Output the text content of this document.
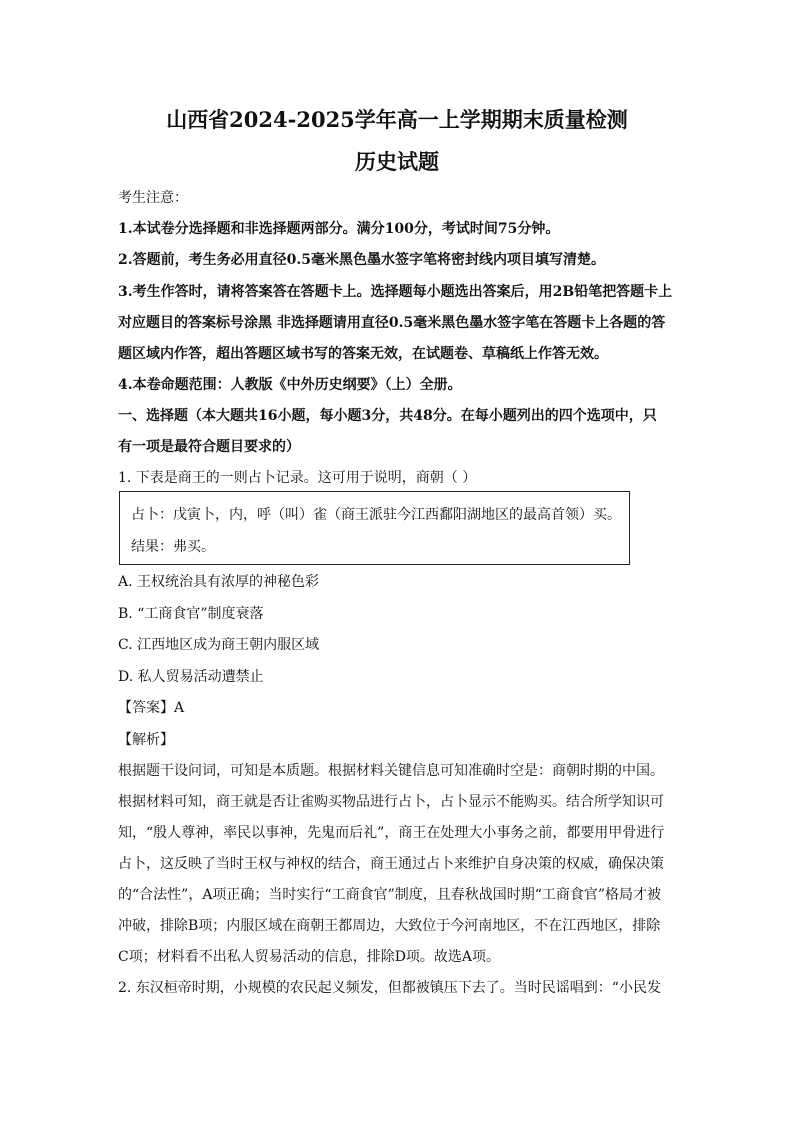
山西省2024-2025学年高一上学期期末质量检测
历史试题
考生注意：
1.本试卷分选择题和非选择题两部分。满分100分，考试时间75分钟。
2.答题前，考生务必用直径0.5毫米黑色墨水签字笔将密封线内项目填写清楚。
3.考生作答时，请将答案答在答题卡上。选择题每小题选出答案后，用2B铅笔把答题卡上
对应题目的答案标号涂黑 非选择题请用直径0.5毫米黑色墨水签字笔在答题卡上各题的答
题区域内作答，超出答题区域书写的答案无效，在试题卷、草稿纸上作答无效。
4.本卷命题范围：人教版《中外历史纲要》（上）全册。
一、选择题（本大题共16小题，每小题3分，共48分。在每小题列出的四个选项中，只
有一项是最符合题目要求的）
1. 下表是商王的一则占卜记录。这可用于说明，商朝（ ）
占卜：戊寅卜，内，呼（叫）雀（商王派驻今江西鄱阳湖地区的最高首领）买。
结果：弗买。
A. 王权统治具有浓厚的神秘色彩
B. “工商食官”制度衰落
C. 江西地区成为商王朝内服区域
D. 私人贸易活动遭禁止
【答案】A
【解析】
根据题干设问词，可知是本质题。根据材料关键信息可知准确时空是：商朝时期的中国。
根据材料可知，商王就是否让雀购买物品进行占卜，占卜显示不能购买。结合所学知识可
知，“殷人尊神，率民以事神，先鬼而后礼”，商王在处理大小事务之前，都要用甲骨进行
占卜，这反映了当时王权与神权的结合，商王通过占卜来维护自身决策的权威，确保决策
的“合法性”，A项正确；当时实行“工商食官”制度，且春秋战国时期“工商食官”格局才被
冲破，排除B项；内服区域在商朝王都周边，大致位于今河南地区，不在江西地区，排除
C项；材料看不出私人贸易活动的信息，排除D项。故选A项。
2. 东汉桓帝时期，小规模的农民起义频发，但都被镇压下去了。当时民谣唱到：“小民发
